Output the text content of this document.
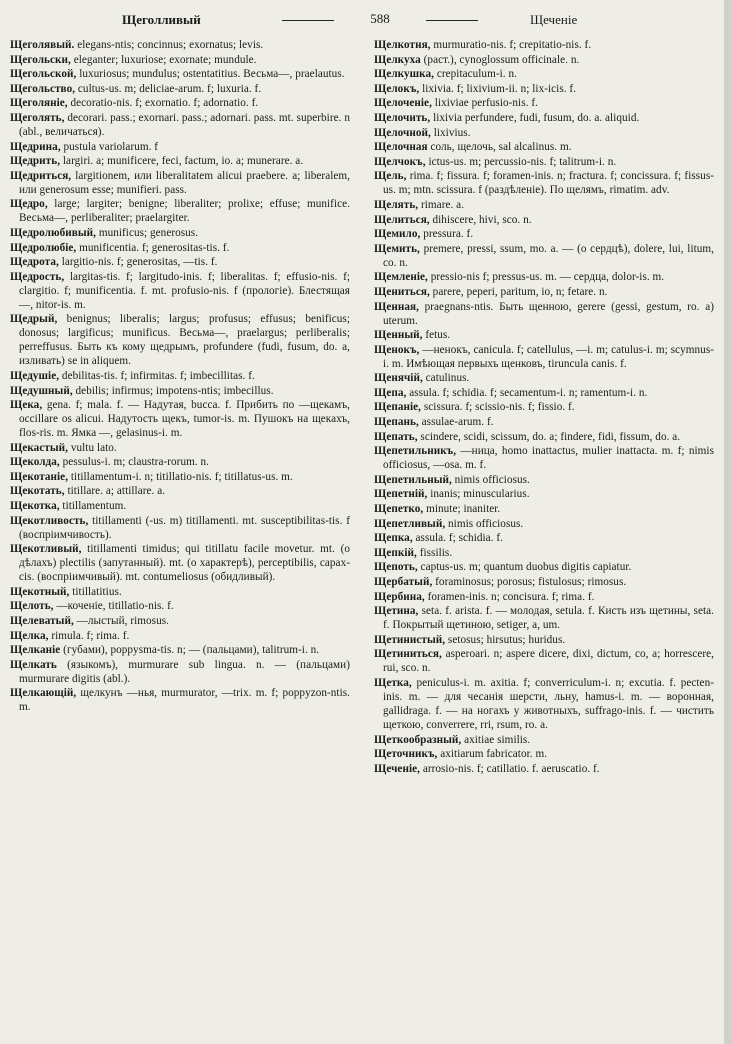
Щеголливый	588	Щеченіе

Щеголявый. elegans-ntis; concinnus; exornatus; levis.

Щегольски, eleganter; luxuriose; exornate; mundule.

Щегольской, luxuriosus; mundulus; ostentatitius. Весьма—, praelautus.

Щегольство, cultus-us. m; deliciae-arum. f; luxuria. f.

Щеголяніе, decoratio-nis. f; exornatio. f; adornatio. f.

Щеголять, decorari. pass.; exornari. pass.; adornari. pass. mt. superbire. n (abl., величаться).

Щедрина, pustula variolarum. f

Щедрить, largiri. a; munificere, feci, factum, io. a; munerare. a.

Щедриться, largitionem, или liberalitatem alicui praebere. a; liberalem, или generosum esse; munifieri. pass.

Щедро, large; largiter; benigne; liberaliter; prolixe; effuse; munifice. Весьма—, perliberaliter; praelargiter.

Щедролюбивый, munificus; generosus.

Щедролюбіе, munificentia. f; generositas-tis. f.

Щедрота, largitio-nis. f; generositas, —tis. f.

Щедрость, largitas-tis. f; largitudo-inis. f; liberalitas. f; effusio-nis. f; clargitio. f; munificentia. f. mt. profusio-nis. f (прологіе). Блестящая —, nitor-is. m.

Щедрый, benignus; liberalis; largus; profusus; effusus; benificus; donosus; largificus; munificus. Весьма—, praelargus; perliberalis; perreffusus. Быть къ кому щедрымъ, profundere (fudi, fusum, do. a, изливать) se in aliquem.

Щедушіе, debilitas-tis. f; infirmitas. f; imbecillitas. f.

Щедушный, debilis; infirmus; impotens-ntis; imbecillus.

Щека, gena. f; mala. f. — Надутая, bucca. f. Прибить по —щекамъ, occillare os alicui. Надутость щекъ, tumor-is. m. Пушокъ на щекахъ, flos-ris. m. Ямка —, gelasinus-i. m.

Щекастый, vultu lato.

Щеколда, pessulus-i. m; claustra-rorum. n.

Щекотаніе, titillamentum-i. n; titillatio-nis. f; titillatus-us. m.

Щекотать, titillare. a; attillare. a.

Щекотка, titillamentum.

Щекотливость, titillamenti (-us. m) titillamenti. mt. susceptibilitas-tis. f (воспріимчивость).

Щекотливый, titillamenti timidus; qui titillatu facile movetur. mt. (о дѣлахъ) plectilis (запутанный). mt. (о характерѣ), perceptibilis, capax-cis. (воспріимчивый). mt. contumeliosus (обидливый).

Щекотный, titillatitius.

Щелоть, —коченіе, titillatio-nis. f.

Щелеватый, —лыстый, rimosus.

Щелка, rimula. f; rima. f.

Щелканіе (губами), poppysma-tis. n; — (пальцами), talitrum-i. n.

Щелкать (языкомъ), murmurare sub lingua. n. — (пальцами) murmurare digitis (abl.).

Щелкающій, щелкунъ —нья, murmurator, —trix. m. f; poppyzon-ntis. m.

Щелкотня, murmuratio-nis. f; crepitatio-nis. f.

Щелкуха (раст.), cynoglossum officinale. n.

Щелкушка, crepitaculum-i. n.

Щелокъ, lixivia. f; lixivium-ii. n; lix-icis. f.

Щелоченіе, lixiviae perfusio-nis. f.

Щелочить, lixivia perfundere, fudi, fusum, do. a. aliquid.

Щелочной, lixivius.

Щелочная соль, щелочь, sal alcalinus. m.

Щелчокъ, ictus-us. m; percussio-nis. f; talitrum-i. n.

Щель, rima. f; fissura. f; foramen-inis. n; fractura. f; concissura. f; fissus-us. m; mtn. scissura. f (раздѣленіе). По щелямъ, rimatim. adv.

Щелять, rimare. a.

Щелиться, dihiscere, hivi, sco. n.

Щемило, pressura. f.

Щемить, premere, pressi, ssum, mo. a. — (о сердцѣ), dolere, lui, litum, co. n.

Щемленіе, pressio-nis f; pressus-us. m. — сердца, dolor-is. m.

Щениться, parere, peperi, paritum, io, n; fetare. n.

Щенная, praegnans-ntis. Быть щенною, gerere (gessi, gestum, ro. a) uterum.

Щенный, fetus.

Щенокъ, —ненокъ, canicula. f; catellulus, —i. m; catulus-i. m; scymnus-i. m. Имѣющая первыхъ щенковъ, tiruncula canis. f.

Щенячій, catulinus.

Щепа, assula. f; schidia. f; secamentum-i. n; ramentum-i. n.

Щепаніе, scissura. f; scissio-nis. f; fissio. f.

Щепань, assulae-arum. f.

Щепать, scindere, scidi, scissum, do. a; findere, fidi, fissum, do. a.

Щепетильникъ, —ница, homo inattactus, mulier inattacta. m. f; nimis officiosus, —osa. m. f.

Щепетильный, nimis officiosus.

Щепетній, inanis; minuscularius.

Щепетко, minute; inaniter.

Щепетливый, nimis officiosus.

Щепка, assula. f; schidia. f.

Щепкій, fissilis.

Щепоть, captus-us. m; quantum duobus digitis capiatur.

Щербатый, foraminosus; porosus; fistulosus; rimosus.

Щербина, foramen-inis. n; concisura. f; rima. f.

Щетина, seta. f. arista. f. — молодая, setula. f. Кисть изъ щетины, seta. f. Покрытый щетиною, setiger, a, um.

Щетинистый, setosus; hirsutus; huridus.

Щетиниться, asperoari. n; aspere dicere, dixi, dictum, co, a; horrescere, rui, sco. n.

Щетка, peniculus-i. m. axitia. f; converriculum-i. n; excutia. f. pecten-inis. m. — для чесанія шерсти, льну, hamus-i. m. — воронная, gallidraga. f. — на ногахъ у животныхъ, suffrago-inis. f. — чистить щеткою, converrere, rri, rsum, ro. a.

Щеткообразный, axitiae similis.

Щеточникъ, axitiarum fabricator. m.

Щеченіе, arrosio-nis. f; catillatio. f. aeruscatio. f.
